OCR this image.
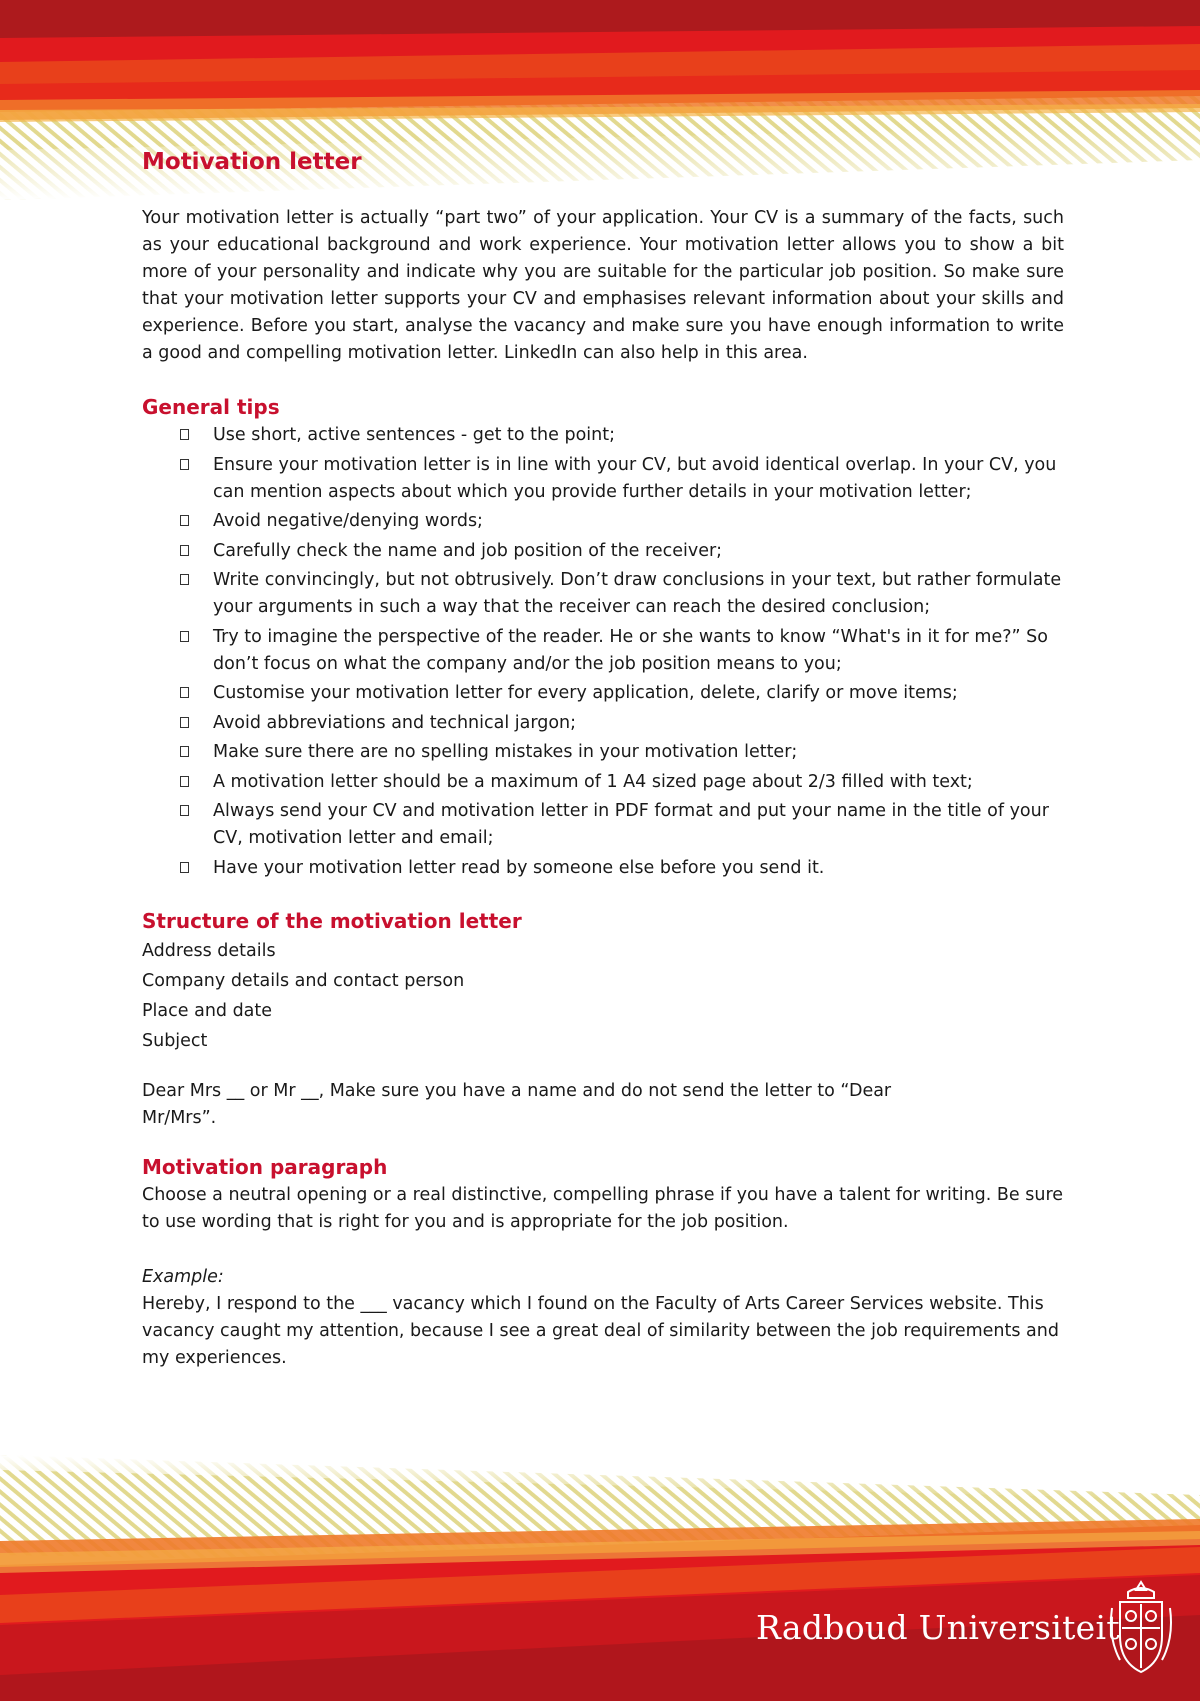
Motivation letter

Your motivation letter is actually “part two” of your application. Your CV is a summary of the facts, such as your educational background and work experience. Your motivation letter allows you to show a bit more of your personality and indicate why you are suitable for the particular job position. So make sure that your motivation letter supports your CV and emphasises relevant information about your skills and experience. Before you start, analyse the vacancy and make sure you have enough information to write a good and compelling motivation letter. LinkedIn can also help in this area.

General tips
Use short, active sentences - get to the point;
Ensure your motivation letter is in line with your CV, but avoid identical overlap. In your CV, you can mention aspects about which you provide further details in your motivation letter;
Avoid negative/denying words;
Carefully check the name and job position of the receiver;
Write convincingly, but not obtrusively. Don’t draw conclusions in your text, but rather formulate your arguments in such a way that the receiver can reach the desired conclusion;
Try to imagine the perspective of the reader. He or she wants to know “What's in it for me?” So don’t focus on what the company and/or the job position means to you;
Customise your motivation letter for every application, delete, clarify or move items;
Avoid abbreviations and technical jargon;
Make sure there are no spelling mistakes in your motivation letter;
A motivation letter should be a maximum of 1 A4 sized page about 2/3 filled with text;
Always send your CV and motivation letter in PDF format and put your name in the title of your CV, motivation letter and email;
Have your motivation letter read by someone else before you send it.
Structure of the motivation letter

Address details

Company details and contact person

Place and date

Subject

Dear Mrs __ or Mr __, Make sure you have a name and do not send the letter to “Dear Mr/Mrs”.

Motivation paragraph

Choose a neutral opening or a real distinctive, compelling phrase if you have a talent for writing. Be sure to use wording that is right for you and is appropriate for the job position.

Example:

Hereby, I respond to the ___ vacancy which I found on the Faculty of Arts Career Services website. This vacancy caught my attention, because I see a great deal of similarity between the job requirements and my experiences.

Radboud Universiteit
